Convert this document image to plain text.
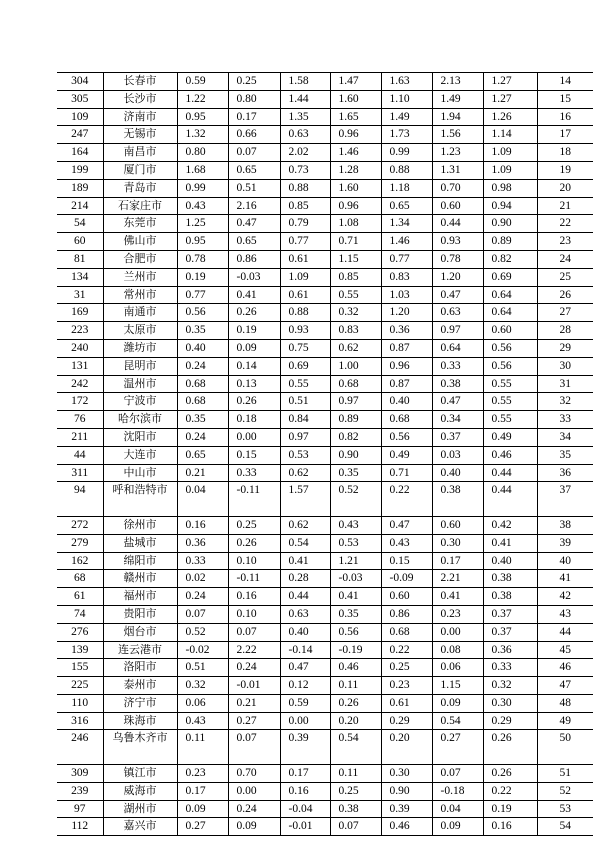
304	长春市	0.59	0.25	1.58	1.47	1.63	2.13	1.27	14
305	长沙市	1.22	0.80	1.44	1.60	1.10	1.49	1.27	15
109	济南市	0.95	0.17	1.35	1.65	1.49	1.94	1.26	16
247	无锡市	1.32	0.66	0.63	0.96	1.73	1.56	1.14	17
164	南昌市	0.80	0.07	2.02	1.46	0.99	1.23	1.09	18
199	厦门市	1.68	0.65	0.73	1.28	0.88	1.31	1.09	19
189	青岛市	0.99	0.51	0.88	1.60	1.18	0.70	0.98	20
214	石家庄市	0.43	2.16	0.85	0.96	0.65	0.60	0.94	21
54	东莞市	1.25	0.47	0.79	1.08	1.34	0.44	0.90	22
60	佛山市	0.95	0.65	0.77	0.71	1.46	0.93	0.89	23
81	合肥市	0.78	0.86	0.61	1.15	0.77	0.78	0.82	24
134	兰州市	0.19	-0.03	1.09	0.85	0.83	1.20	0.69	25
31	常州市	0.77	0.41	0.61	0.55	1.03	0.47	0.64	26
169	南通市	0.56	0.26	0.88	0.32	1.20	0.63	0.64	27
223	太原市	0.35	0.19	0.93	0.83	0.36	0.97	0.60	28
240	潍坊市	0.40	0.09	0.75	0.62	0.87	0.64	0.56	29
131	昆明市	0.24	0.14	0.69	1.00	0.96	0.33	0.56	30
242	温州市	0.68	0.13	0.55	0.68	0.87	0.38	0.55	31
172	宁波市	0.68	0.26	0.51	0.97	0.40	0.47	0.55	32
76	哈尔滨市	0.35	0.18	0.84	0.89	0.68	0.34	0.55	33
211	沈阳市	0.24	0.00	0.97	0.82	0.56	0.37	0.49	34
44	大连市	0.65	0.15	0.53	0.90	0.49	0.03	0.46	35
311	中山市	0.21	0.33	0.62	0.35	0.71	0.40	0.44	36
94	呼和浩特市	0.04	-0.11	1.57	0.52	0.22	0.38	0.44	37
272	徐州市	0.16	0.25	0.62	0.43	0.47	0.60	0.42	38
279	盐城市	0.36	0.26	0.54	0.53	0.43	0.30	0.41	39
162	绵阳市	0.33	0.10	0.41	1.21	0.15	0.17	0.40	40
68	赣州市	0.02	-0.11	0.28	-0.03	-0.09	2.21	0.38	41
61	福州市	0.24	0.16	0.44	0.41	0.60	0.41	0.38	42
74	贵阳市	0.07	0.10	0.63	0.35	0.86	0.23	0.37	43
276	烟台市	0.52	0.07	0.40	0.56	0.68	0.00	0.37	44
139	连云港市	-0.02	2.22	-0.14	-0.19	0.22	0.08	0.36	45
155	洛阳市	0.51	0.24	0.47	0.46	0.25	0.06	0.33	46
225	泰州市	0.32	-0.01	0.12	0.11	0.23	1.15	0.32	47
110	济宁市	0.06	0.21	0.59	0.26	0.61	0.09	0.30	48
316	珠海市	0.43	0.27	0.00	0.20	0.29	0.54	0.29	49
246	乌鲁木齐市	0.11	0.07	0.39	0.54	0.20	0.27	0.26	50
309	镇江市	0.23	0.70	0.17	0.11	0.30	0.07	0.26	51
239	威海市	0.17	0.00	0.16	0.25	0.90	-0.18	0.22	52
97	湖州市	0.09	0.24	-0.04	0.38	0.39	0.04	0.19	53
112	嘉兴市	0.27	0.09	-0.01	0.07	0.46	0.09	0.16	54
